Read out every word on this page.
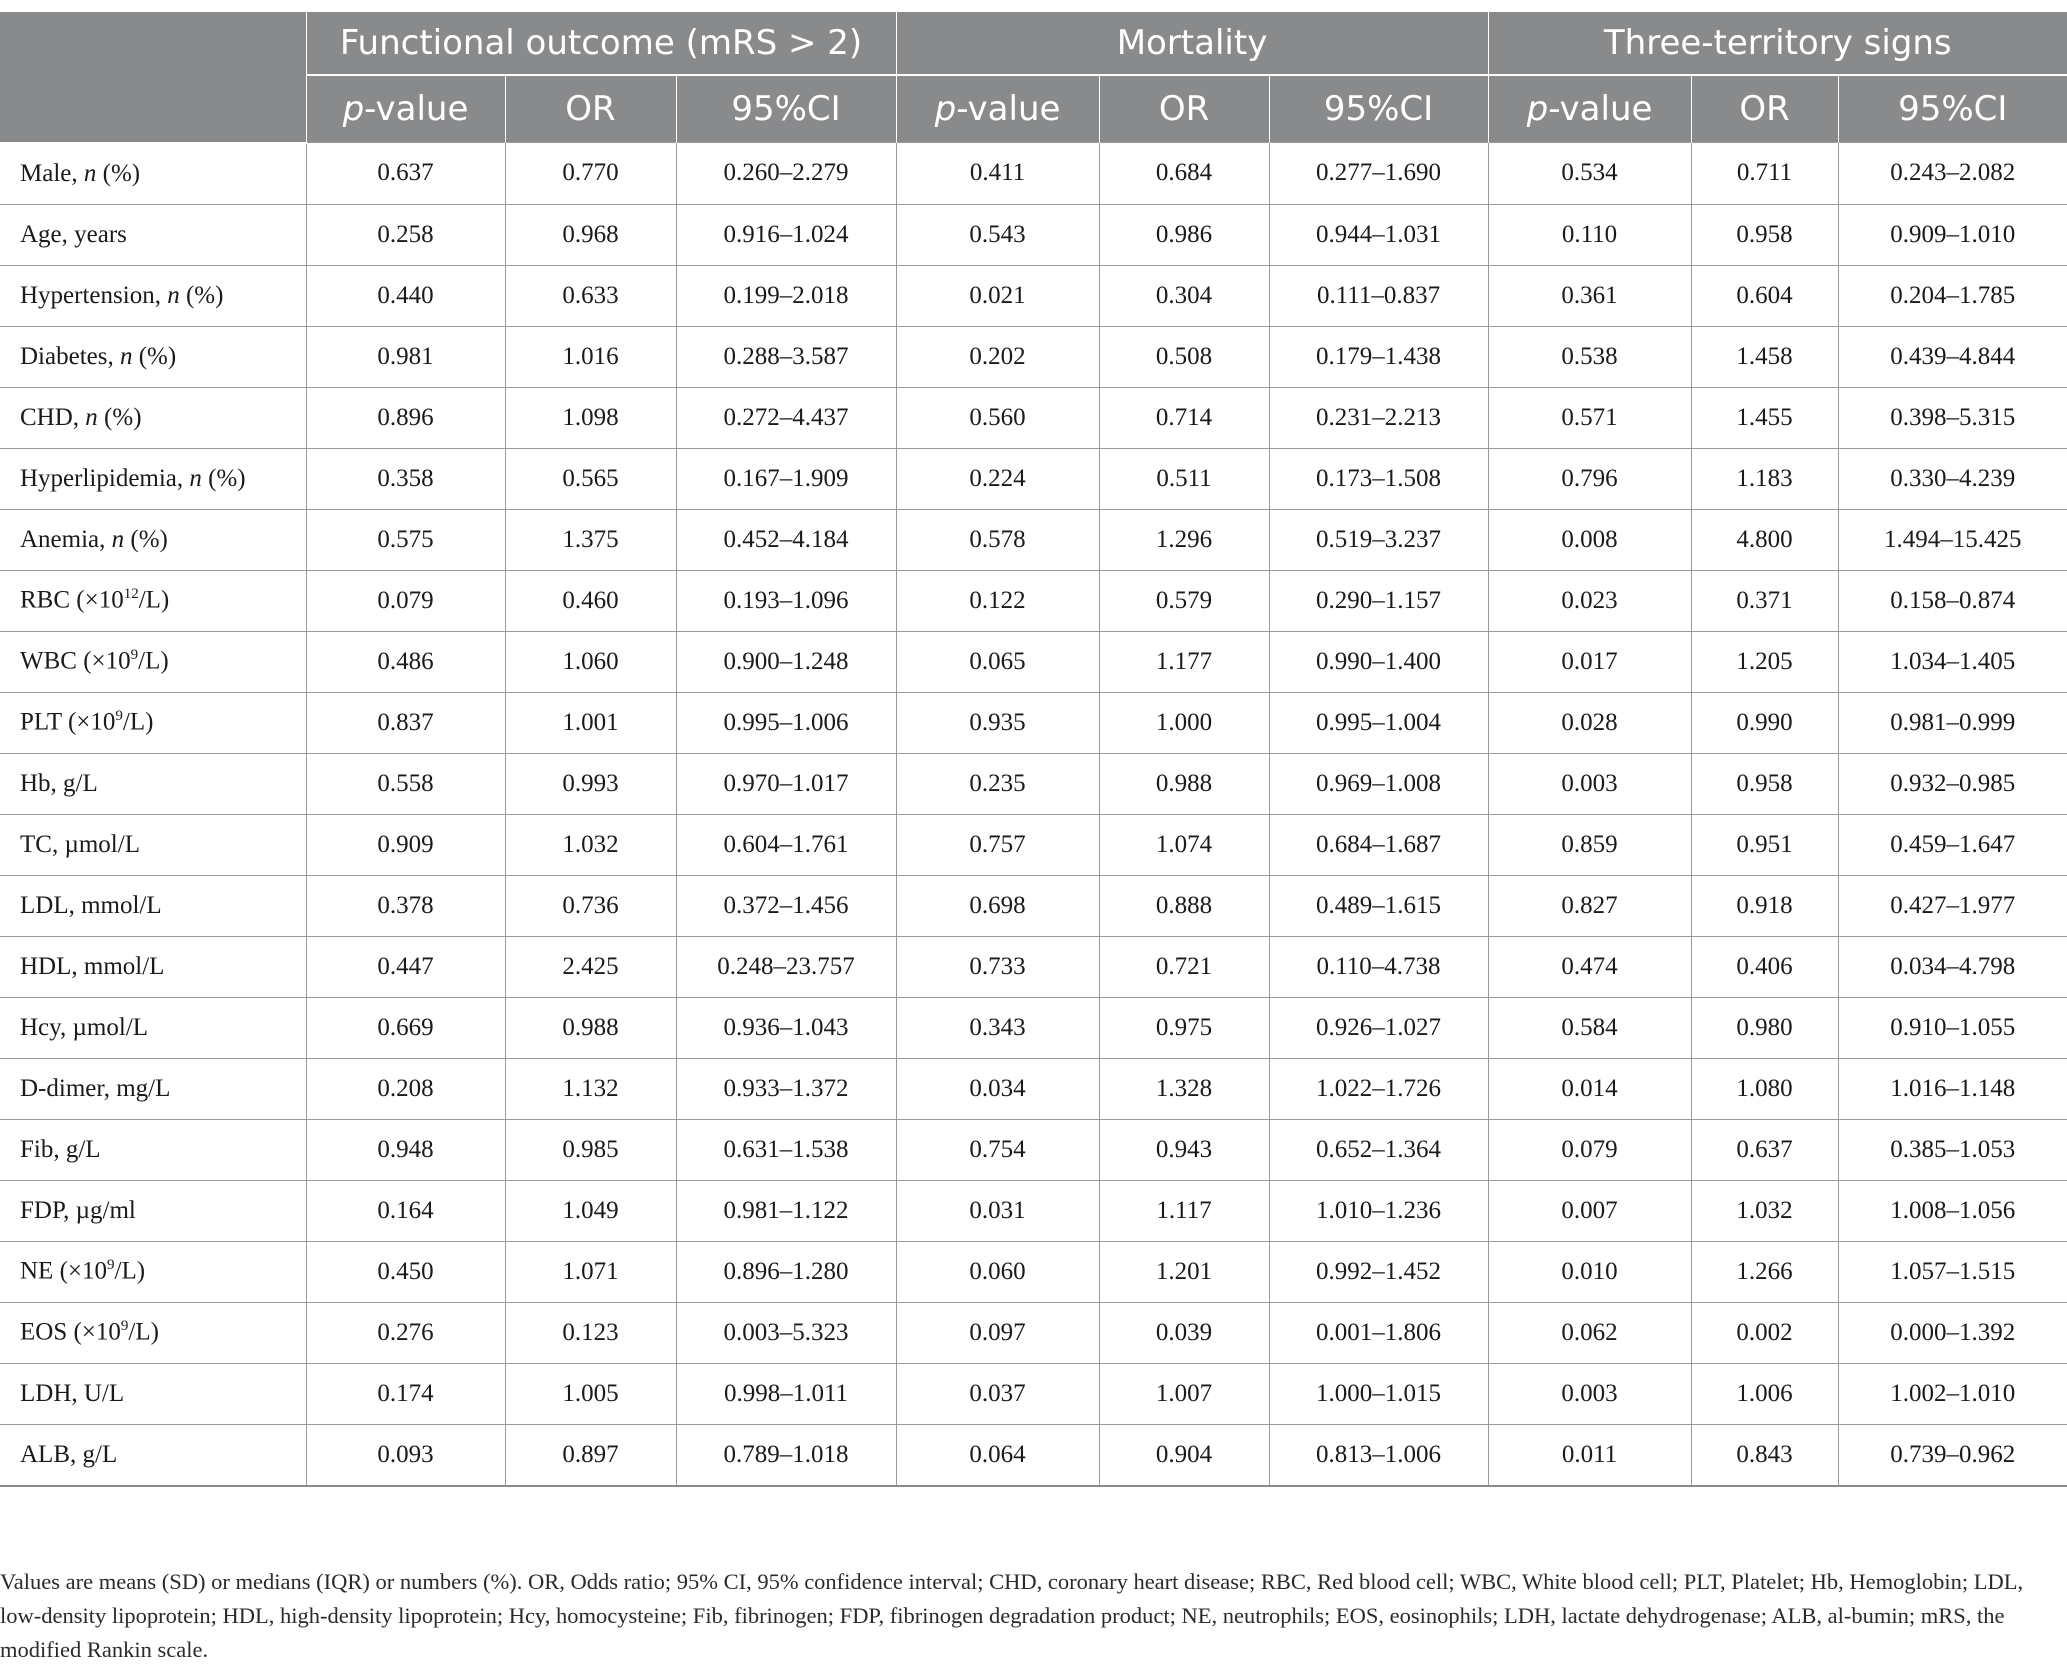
	Functional outcome (mRS > 2)			Mortality			Three-territory signs		
	p-value	OR	95%CI	p-value	OR	95%CI	p-value	OR	95%CI
Male, n (%)	0.637	0.770	0.260–2.279	0.411	0.684	0.277–1.690	0.534	0.711	0.243–2.082
Age, years	0.258	0.968	0.916–1.024	0.543	0.986	0.944–1.031	0.110	0.958	0.909–1.010
Hypertension, n (%)	0.440	0.633	0.199–2.018	0.021	0.304	0.111–0.837	0.361	0.604	0.204–1.785
Diabetes, n (%)	0.981	1.016	0.288–3.587	0.202	0.508	0.179–1.438	0.538	1.458	0.439–4.844
CHD, n (%)	0.896	1.098	0.272–4.437	0.560	0.714	0.231–2.213	0.571	1.455	0.398–5.315
Hyperlipidemia, n (%)	0.358	0.565	0.167–1.909	0.224	0.511	0.173–1.508	0.796	1.183	0.330–4.239
Anemia, n (%)	0.575	1.375	0.452–4.184	0.578	1.296	0.519–3.237	0.008	4.800	1.494–15.425
RBC $(\times 10^{12}/L)$	0.079	0.460	0.193–1.096	0.122	0.579	0.290–1.157	0.023	0.371	0.158–0.874
WBC $(\times 10^9/L)$	0.486	1.060	0.900–1.248	0.065	1.177	0.990–1.400	0.017	1.205	1.034–1.405
PLT $(\times 10^9/L)$	0.837	1.001	0.995–1.006	0.935	1.000	0.995–1.004	0.028	0.990	0.981–0.999
Hb, g/L	0.558	0.993	0.970–1.017	0.235	0.988	0.969–1.008	0.003	0.958	0.932–0.985
TC, µmol/L	0.909	1.032	0.604–1.761	0.757	1.074	0.684–1.687	0.859	0.951	0.459–1.647
LDL, mmol/L	0.378	0.736	0.372–1.456	0.698	0.888	0.489–1.615	0.827	0.918	0.427–1.977
HDL, mmol/L	0.447	2.425	0.248–23.757	0.733	0.721	0.110–4.738	0.474	0.406	0.034–4.798
Hcy, µmol/L	0.669	0.988	0.936–1.043	0.343	0.975	0.926–1.027	0.584	0.980	0.910–1.055
D-dimer, mg/L	0.208	1.132	0.933–1.372	0.034	1.328	1.022–1.726	0.014	1.080	1.016–1.148
Fib, g/L	0.948	0.985	0.631–1.538	0.754	0.943	0.652–1.364	0.079	0.637	0.385–1.053
FDP, µg/ml	0.164	1.049	0.981–1.122	0.031	1.117	1.010–1.236	0.007	1.032	1.008–1.056
NE $(\times 10^9/L)$	0.450	1.071	0.896–1.280	0.060	1.201	0.992–1.452	0.010	1.266	1.057–1.515
EOS $(\times 10^9/L)$	0.276	0.123	0.003–5.323	0.097	0.039	0.001–1.806	0.062	0.002	0.000–1.392
LDH, U/L	0.174	1.005	0.998–1.011	0.037	1.007	1.000–1.015	0.003	1.006	1.002–1.010
ALB, g/L	0.093	0.897	0.789–1.018	0.064	0.904	0.813–1.006	0.011	0.843	0.739–0.962
Values are means (SD) or medians (IQR) or numbers (%). OR, Odds ratio; 95% CI, 95% confidence interval; CHD, coronary heart disease; RBC, Red blood cell; WBC, White blood cell; PLT, Platelet; Hb, Hemoglobin; LDL, low-density lipoprotein; HDL, high-density lipoprotein; Hcy, homocysteine; Fib, fibrinogen; FDP, fibrinogen degradation product; NE, neutrophils; EOS, eosinophils; LDH, lactate dehydrogenase; ALB, al-bumin; mRS, the modified Rankin scale.
